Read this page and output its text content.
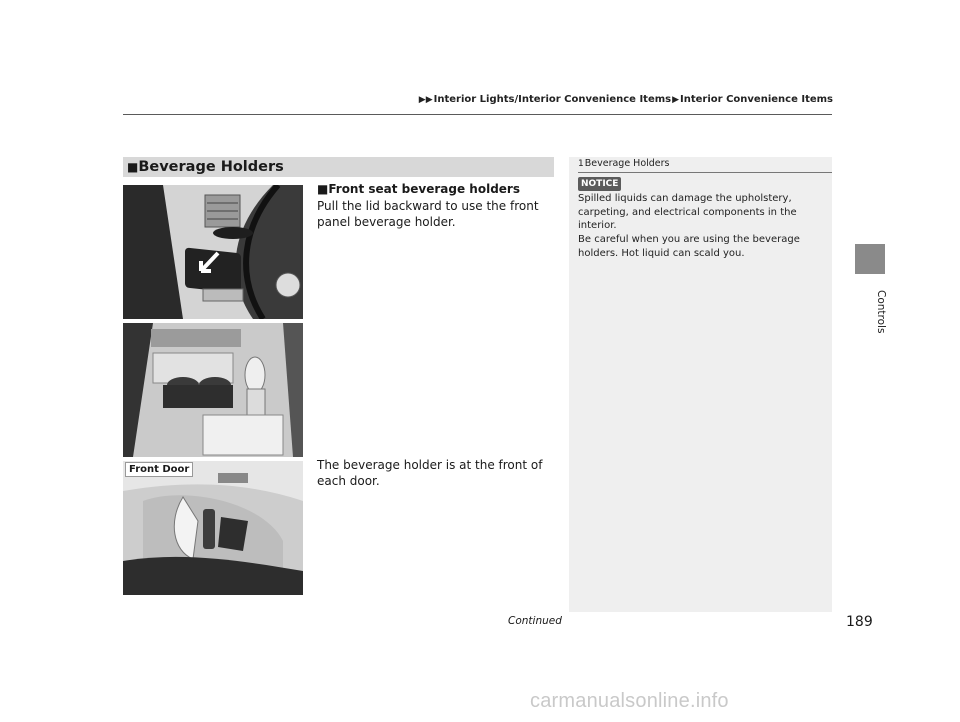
▶▶Interior Lights/Interior Convenience Items▶Interior Convenience Items
Controls
■Beverage Holders
Front Door
■Front seat beverage holders
Pull the lid backward to use the front panel beverage holder.
The beverage holder is at the front of each door.
1Beverage Holders
NOTICE
Spilled liquids can damage the upholstery, carpeting, and electrical components in the interior.
Be careful when you are using the beverage holders. Hot liquid can scald you.
Continued	189
carmanualsonline.info
